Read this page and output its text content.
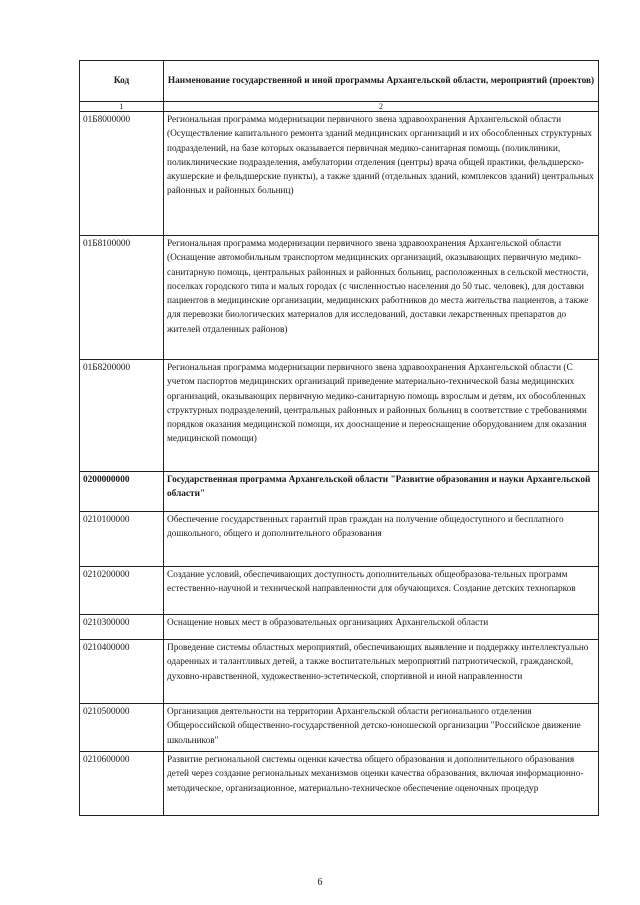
Код	Наименование государственной и иной программы Архангельской области, мероприятий (проектов)
1	2
01Б8000000	Региональная программа модернизации первичного звена здравоохранения Архангельской области (Осуществление капитального ремонта зданий медицинских организаций и их обособленных структурных подразделений, на базе которых оказывается первичная медико-санитарная помощь (поликлиники, поликлинические подразделения, амбулатории отделения (центры) врача общей практики, фельдшерско-акушерские и фельдшерские пункты), а также зданий (отдельных зданий, комплексов зданий) центральных районных и районных больниц)
01Б8100000	Региональная программа модернизации первичного звена здравоохранения Архангельской области (Оснащение автомобильным транспортом медицинских организаций, оказывающих первичную медико-санитарную помощь, центральных районных и районных больниц, расположенных в сельской местности, поселках городского типа и малых городах (с численностью населения до 50 тыс. человек), для доставки пациентов в медицинские организации, медицинских работников до места жительства пациентов, а также для перевозки биологических материалов для исследований, доставки лекарственных препаратов до жителей отдаленных районов)
01Б8200000	Региональная программа модернизации первичного звена здравоохранения Архангельской области (С учетом паспортов медицинских организаций приведение материально-технической базы медицинских организаций, оказывающих первичную медико-санитарную помощь взрослым и детям, их обособленных структурных подразделений, центральных районных и районных больниц в соответствие с требованиями порядков оказания медицинской помощи, их дооснащение и переоснащение оборудованием для оказания медицинской помощи)
0200000000	Государственная программа Архангельской области "Развитие образования и науки Архангельской области"
0210100000	Обеспечение государственных гарантий прав граждан на получение общедоступного и бесплатного дошкольного, общего и дополнительного образования
0210200000	Создание условий, обеспечивающих доступность дополнительных общеобразова-тельных программ естественно-научной и технической направленности для обучающихся. Создание детских технопарков
0210300000	Оснащение новых мест в образовательных организациях Архангельской области
0210400000	Проведение системы областных мероприятий, обеспечивающих выявление и поддержку интеллектуально одаренных и талантливых детей, а также воспитательных мероприятий патриотической, гражданской, духовно-нравственной, художественно-эстетической, спортивной и иной направленности
0210500000	Организация деятельности на территории Архангельской области регионального отделения Общероссийской общественно-государственной детско-юношеской организации "Российское движение школьников"
0210600000	Развитие региональной системы оценки качества общего образования и дополнительного образования детей через создание региональных механизмов оценки качества образования, включая информационно-методическое, организационное, материально-техническое обеспечение оценочных процедур
6
